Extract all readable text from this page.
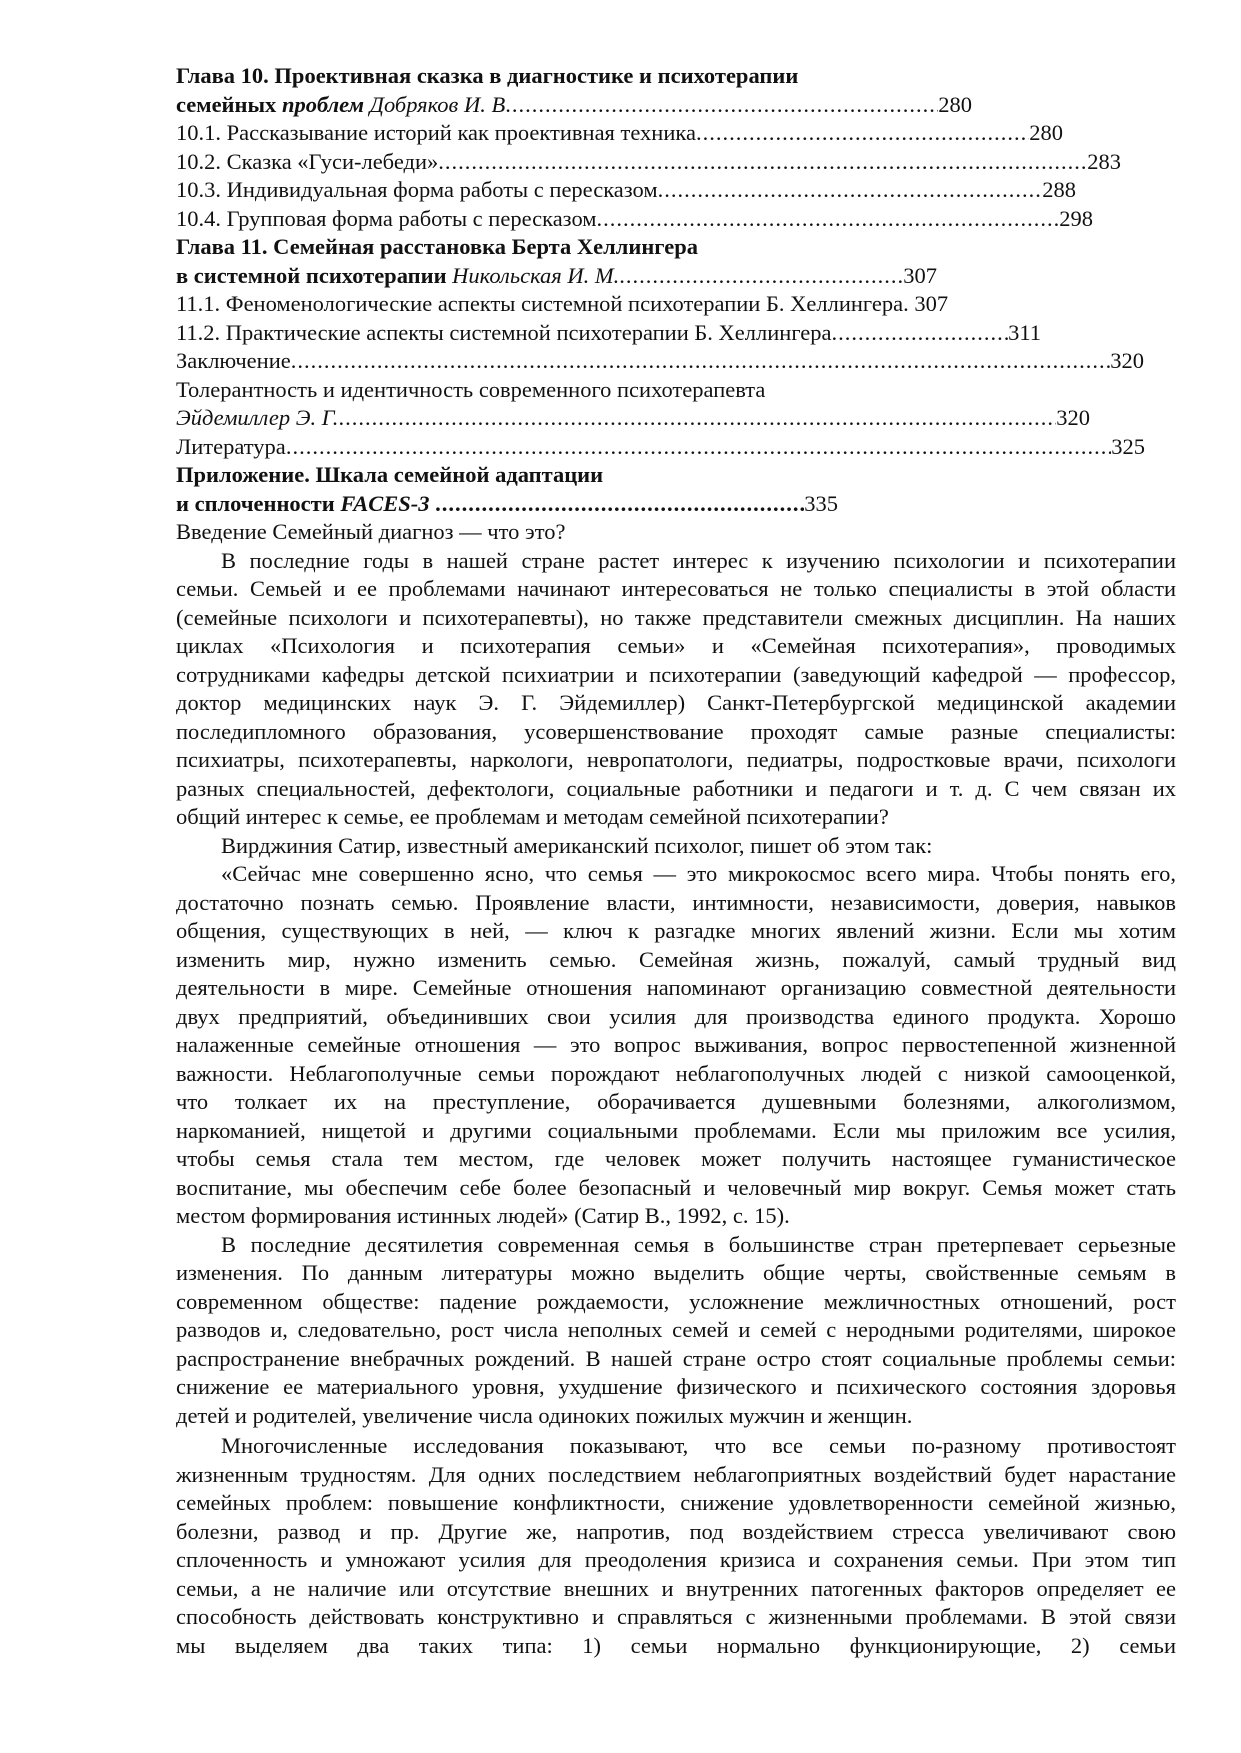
Глава 10. Проективная сказка в диагностике и психотерапии
семейных проблем Добряков И. В .....	280
10.1. Рассказывание историй как проективная техника .....	280
10.2. Сказка «Гуси-лебеди» .....	283
10.3. Индивидуальная форма работы с пересказом .....	288
10.4. Групповая форма работы с пересказом .....	298
Глава 11. Семейная расстановка Берта Хеллингера
в системной психотерапии Никольская И. М. .....	307
11.1. Феноменологические аспекты системной психотерапии Б. Хеллингера. 307
11.2. Практические аспекты системной психотерапии Б. Хеллингера .....	311
Заключение .....	320
Толерантность и идентичность современного психотерапевта
Эйдемиллер Э. Г. .....	320
Литература .....	325
Приложение. Шкала семейной адаптации
и сплоченности FACES-3 .....	335
Введение Семейный диагноз — что это?
В последние годы в нашей стране растет интерес к изучению психологии и психотерапии
семьи. Семьей и ее проблемами начинают интересоваться не только специалисты в этой области
(семейные психологи и психотерапевты), но также представители смежных дисциплин. На наших
циклах «Психология и психотерапия семьи» и «Семейная психотерапия», проводимых
сотрудниками кафедры детской психиатрии и психотерапии (заведующий кафедрой — профессор,
доктор медицинских наук Э. Г. Эйдемиллер) Санкт-Петербургской медицинской академии
последипломного образования, усовершенствование проходят самые разные специалисты:
психиатры, психотерапевты, наркологи, невропатологи, педиатры, подростковые врачи, психологи
разных специальностей, дефектологи, социальные работники и педагоги и т. д. С чем связан их
общий интерес к семье, ее проблемам и методам семейной психотерапии?
Вирджиния Сатир, известный американский психолог, пишет об этом так:
«Сейчас мне совершенно ясно, что семья — это микрокосмос всего мира. Чтобы понять его,
достаточно познать семью. Проявление власти, интимности, независимости, доверия, навыков
общения, существующих в ней, — ключ к разгадке многих явлений жизни. Если мы хотим
изменить мир, нужно изменить семью. Семейная жизнь, пожалуй, самый трудный вид
деятельности в мире. Семейные отношения напоминают организацию совместной деятельности
двух предприятий, объединивших свои усилия для производства единого продукта. Хорошо
налаженные семейные отношения — это вопрос выживания, вопрос первостепенной жизненной
важности. Неблагополучные семьи порождают неблагополучных людей с низкой самооценкой,
что толкает их на преступление, оборачивается душевными болезнями, алкоголизмом,
наркоманией, нищетой и другими социальными проблемами. Если мы приложим все усилия,
чтобы семья стала тем местом, где человек может получить настоящее гуманистическое
воспитание, мы обеспечим себе более безопасный и человечный мир вокруг. Семья может стать
местом формирования истинных людей» (Сатир В., 1992, с. 15).
В последние десятилетия современная семья в большинстве стран претерпевает серьезные
изменения. По данным литературы можно выделить общие черты, свойственные семьям в
современном обществе: падение рождаемости, усложнение межличностных отношений, рост
разводов и, следовательно, рост числа неполных семей и семей с неродными родителями, широкое
распространение внебрачных рождений. В нашей стране остро стоят социальные проблемы семьи:
снижение ее материального уровня, ухудшение физического и психического состояния здоровья
детей и родителей, увеличение числа одиноких пожилых мужчин и женщин.
Многочисленные исследования показывают, что все семьи по-разному противостоят
жизненным трудностям. Для одних последствием неблагоприятных воздействий будет нарастание
семейных проблем: повышение конфликтности, снижение удовлетворенности семейной жизнью,
болезни, развод и пр. Другие же, напротив, под воздействием стресса увеличивают свою
сплоченность и умножают усилия для преодоления кризиса и сохранения семьи. При этом тип
семьи, а не наличие или отсутствие внешних и внутренних патогенных факторов определяет ее
способность действовать конструктивно и справляться с жизненными проблемами. В этой связи
мы выделяем два таких типа: 1) семьи нормально функционирующие, 2) семьи
